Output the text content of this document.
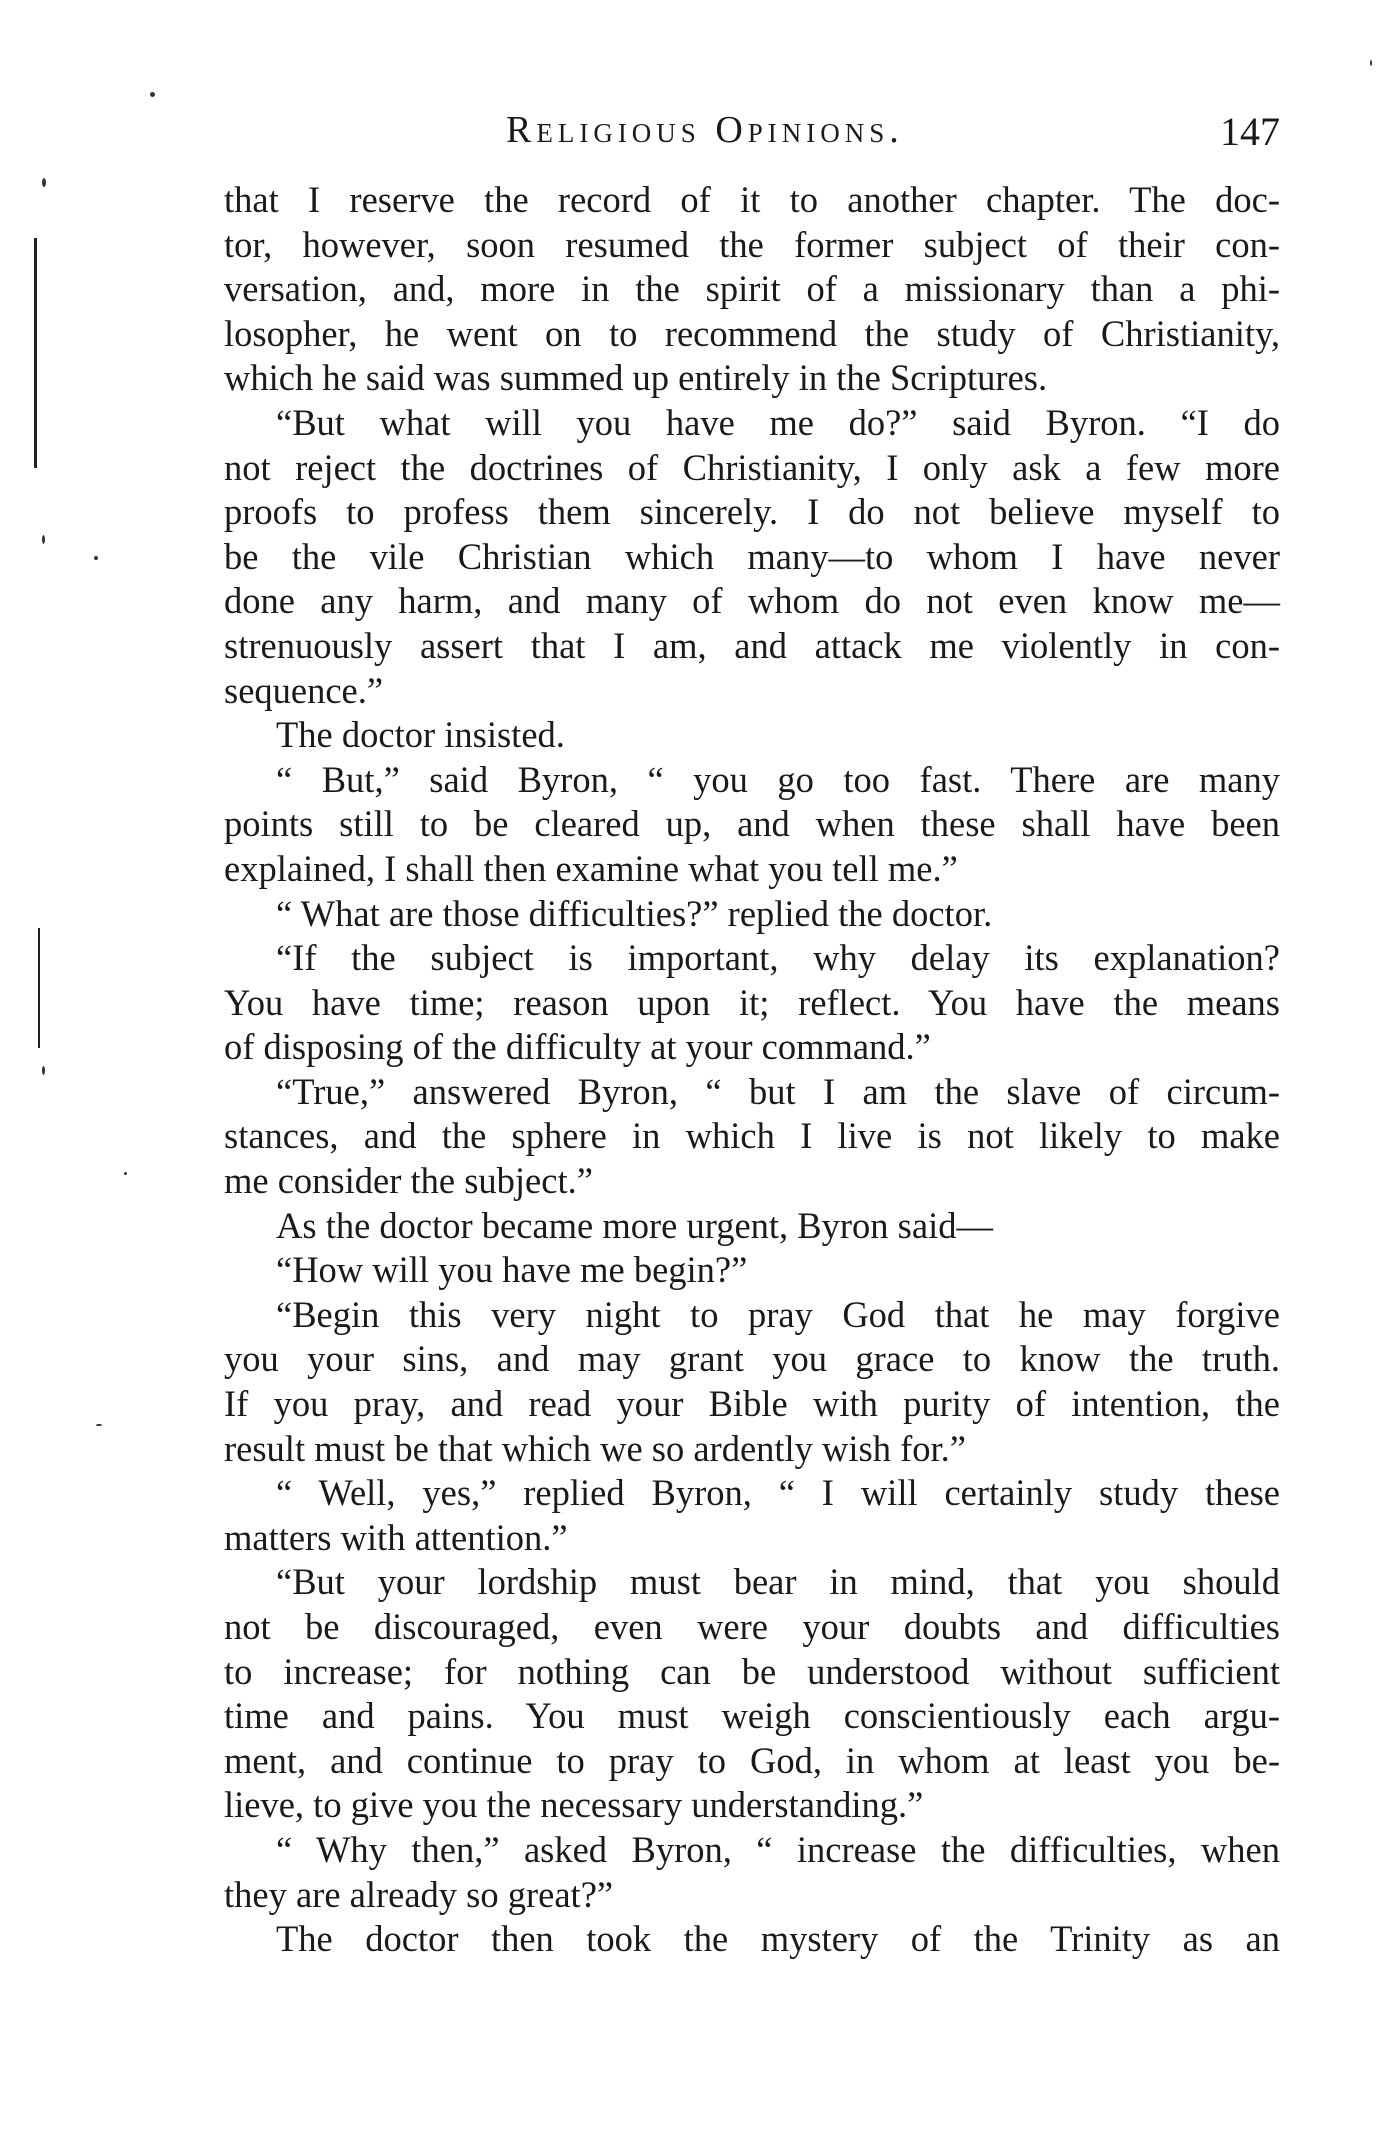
Religious Opinions.	147
that I reserve the record of it to another chapter. The doc-
tor, however, soon resumed the former subject of their con-
versation, and, more in the spirit of a missionary than a phi-
losopher, he went on to recommend the study of Christianity,
which he said was summed up entirely in the Scriptures.
“But what will you have me do?” said Byron. “I do
not reject the doctrines of Christianity, I only ask a few more
proofs to profess them sincerely. I do not believe myself to
be the vile Christian which many—to whom I have never
done any harm, and many of whom do not even know me—
strenuously assert that I am, and attack me violently in con-
sequence.”
The doctor insisted.
“ But,” said Byron, “ you go too fast. There are many
points still to be cleared up, and when these shall have been
explained, I shall then examine what you tell me.”
“ What are those difficulties?” replied the doctor.
“If the subject is important, why delay its explanation?
You have time; reason upon it; reflect. You have the means
of disposing of the difficulty at your command.”
“True,” answered Byron, “ but I am the slave of circum-
stances, and the sphere in which I live is not likely to make
me consider the subject.”
As the doctor became more urgent, Byron said—
“How will you have me begin?”
“Begin this very night to pray God that he may forgive
you your sins, and may grant you grace to know the truth.
If you pray, and read your Bible with purity of intention, the
result must be that which we so ardently wish for.”
“ Well, yes,” replied Byron, “ I will certainly study these
matters with attention.”
“But your lordship must bear in mind, that you should
not be discouraged, even were your doubts and difficulties
to increase; for nothing can be understood without sufficient
time and pains. You must weigh conscientiously each argu-
ment, and continue to pray to God, in whom at least you be-
lieve, to give you the necessary understanding.”
“ Why then,” asked Byron, “ increase the difficulties, when
they are already so great?”
The doctor then took the mystery of the Trinity as an
